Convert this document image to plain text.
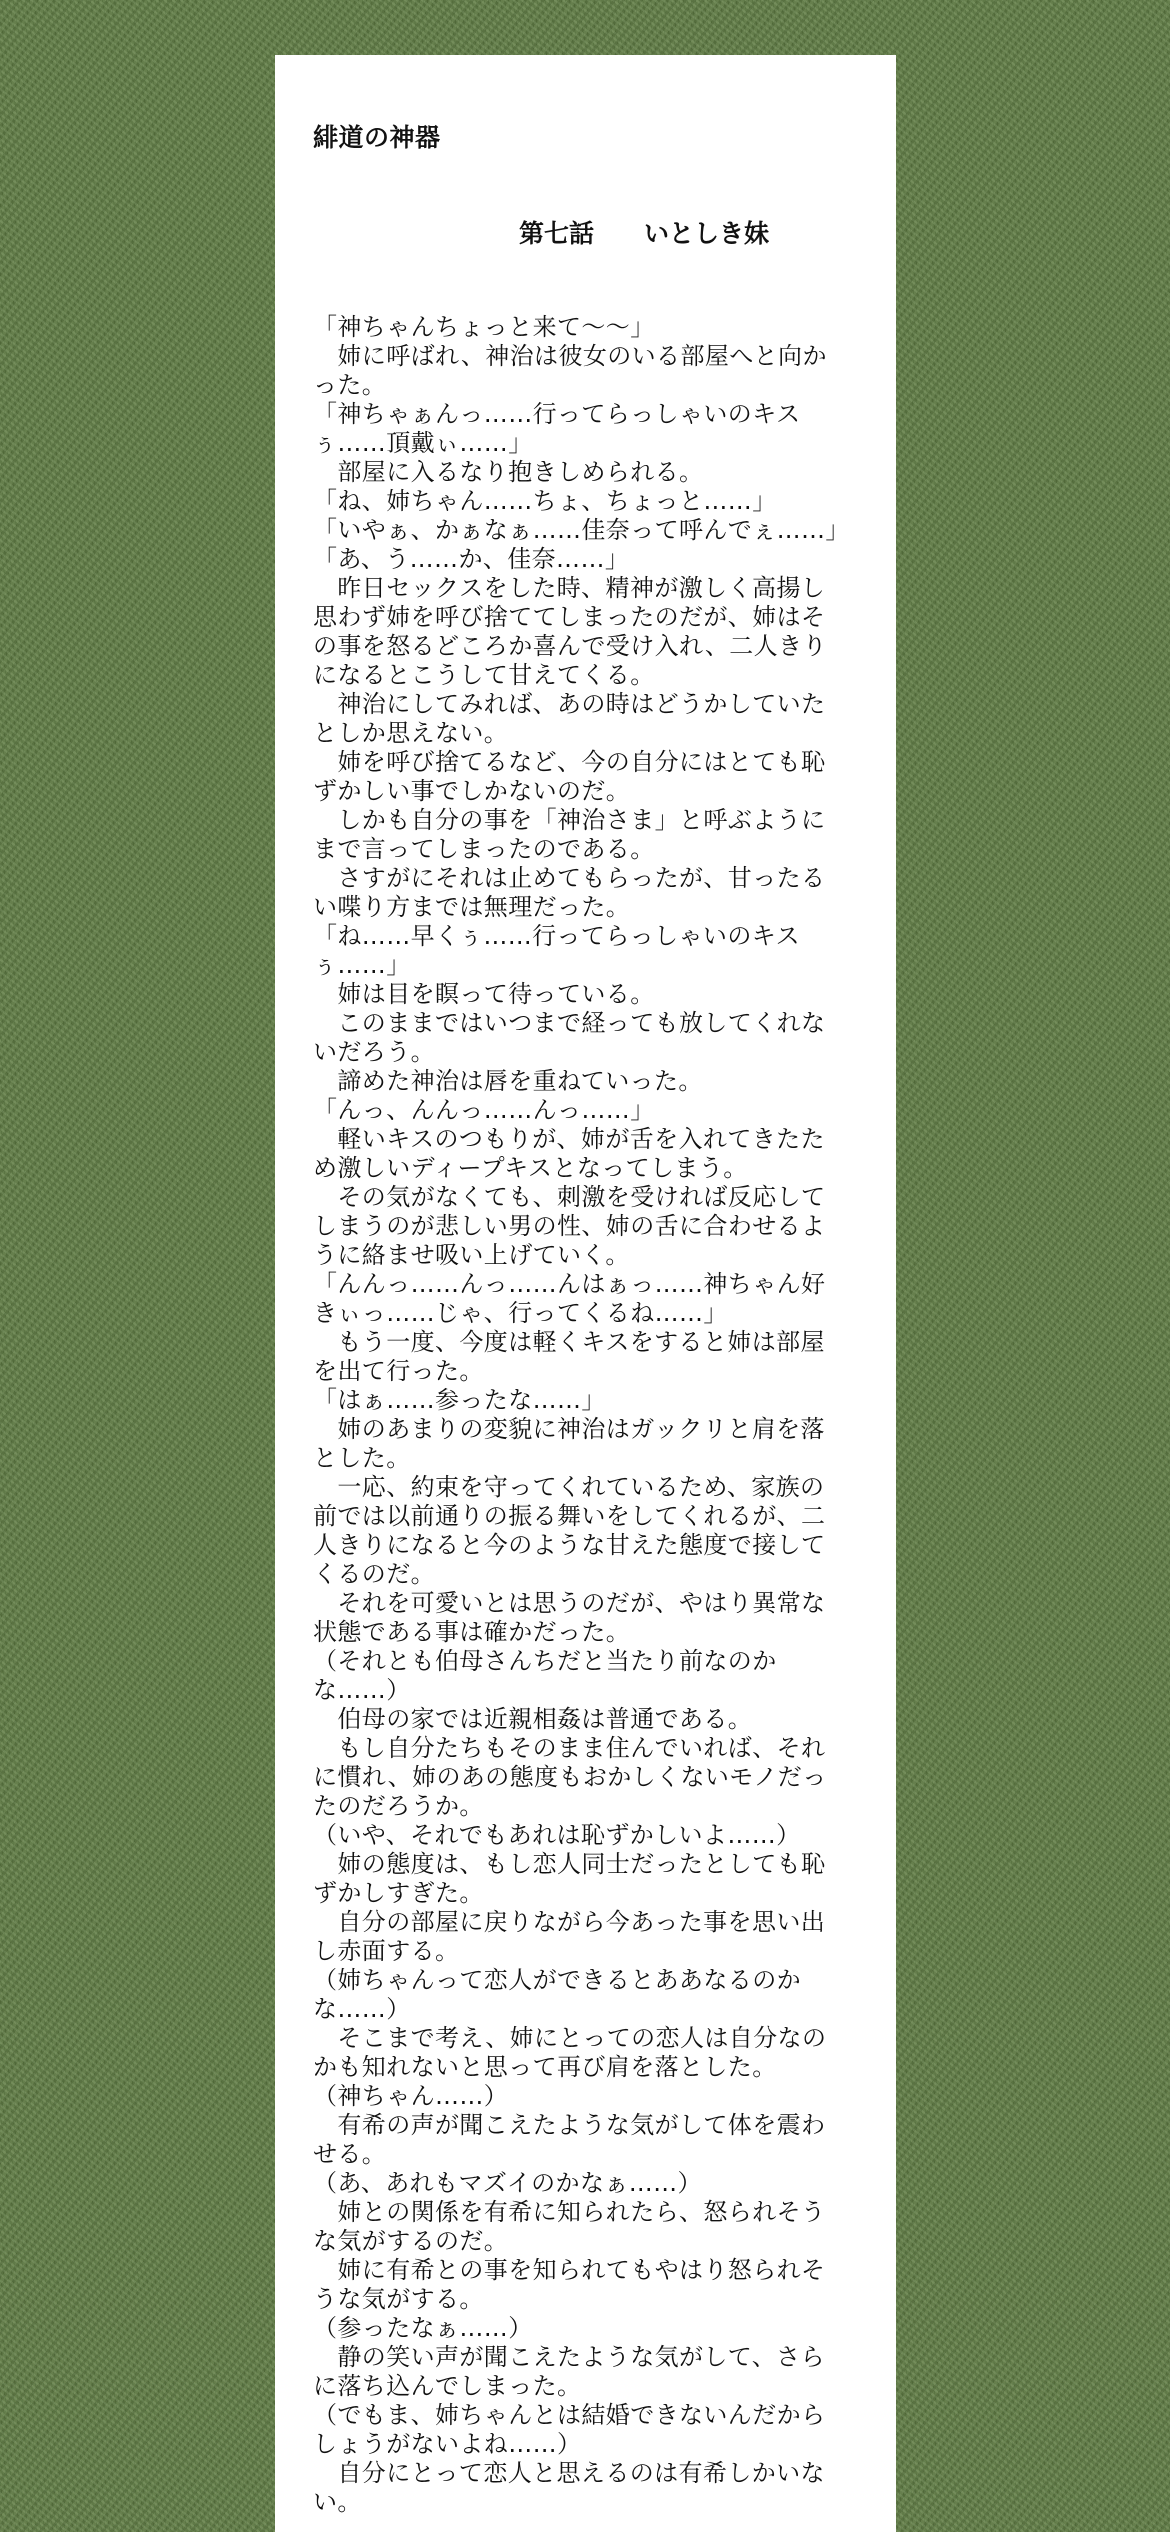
緋道の神器
第七話　　いとしき妹

「神ちゃんちょっと来て～～」

　姉に呼ばれ、神治は彼女のいる部屋へと向かった。

「神ちゃぁんっ……行ってらっしゃいのキスぅ……頂戴ぃ……」

　部屋に入るなり抱きしめられる。

「ね、姉ちゃん……ちょ、ちょっと……」

「いやぁ、かぁなぁ……佳奈って呼んでぇ……」

「あ、う……か、佳奈……」

　昨日セックスをした時、精神が激しく高揚し思わず姉を呼び捨ててしまったのだが、姉はその事を怒るどころか喜んで受け入れ、二人きりになるとこうして甘えてくる。

　神治にしてみれば、あの時はどうかしていたとしか思えない。

　姉を呼び捨てるなど、今の自分にはとても恥ずかしい事でしかないのだ。

　しかも自分の事を「神治さま」と呼ぶようにまで言ってしまったのである。

　さすがにそれは止めてもらったが、甘ったるい喋り方までは無理だった。

「ね……早くぅ……行ってらっしゃいのキスぅ……」

　姉は目を瞑って待っている。

　このままではいつまで経っても放してくれないだろう。

　諦めた神治は唇を重ねていった。

「んっ、んんっ……んっ……」

　軽いキスのつもりが、姉が舌を入れてきたため激しいディープキスとなってしまう。

　その気がなくても、刺激を受ければ反応してしまうのが悲しい男の性、姉の舌に合わせるように絡ませ吸い上げていく。

「んんっ……んっ……んはぁっ……神ちゃん好きぃっ……じゃ、行ってくるね……」

　もう一度、今度は軽くキスをすると姉は部屋を出て行った。

「はぁ……参ったな……」

　姉のあまりの変貌に神治はガックリと肩を落とした。

　一応、約束を守ってくれているため、家族の前では以前通りの振る舞いをしてくれるが、二人きりになると今のような甘えた態度で接してくるのだ。

　それを可愛いとは思うのだが、やはり異常な状態である事は確かだった。

（それとも伯母さんちだと当たり前なのかな……）

　伯母の家では近親相姦は普通である。

　もし自分たちもそのまま住んでいれば、それに慣れ、姉のあの態度もおかしくないモノだったのだろうか。

（いや、それでもあれは恥ずかしいよ……）

　姉の態度は、もし恋人同士だったとしても恥ずかしすぎた。

　自分の部屋に戻りながら今あった事を思い出し赤面する。

（姉ちゃんって恋人ができるとああなるのかな……）

　そこまで考え、姉にとっての恋人は自分なのかも知れないと思って再び肩を落とした。

（神ちゃん……）

　有希の声が聞こえたような気がして体を震わせる。

（あ、あれもマズイのかなぁ……）

　姉との関係を有希に知られたら、怒られそうな気がするのだ。

　姉に有希との事を知られてもやはり怒られそうな気がする。

（参ったなぁ……）

　静の笑い声が聞こえたような気がして、さらに落ち込んでしまった。

（でもま、姉ちゃんとは結婚できないんだからしょうがないよね……）

　自分にとって恋人と思えるのは有希しかいない。
